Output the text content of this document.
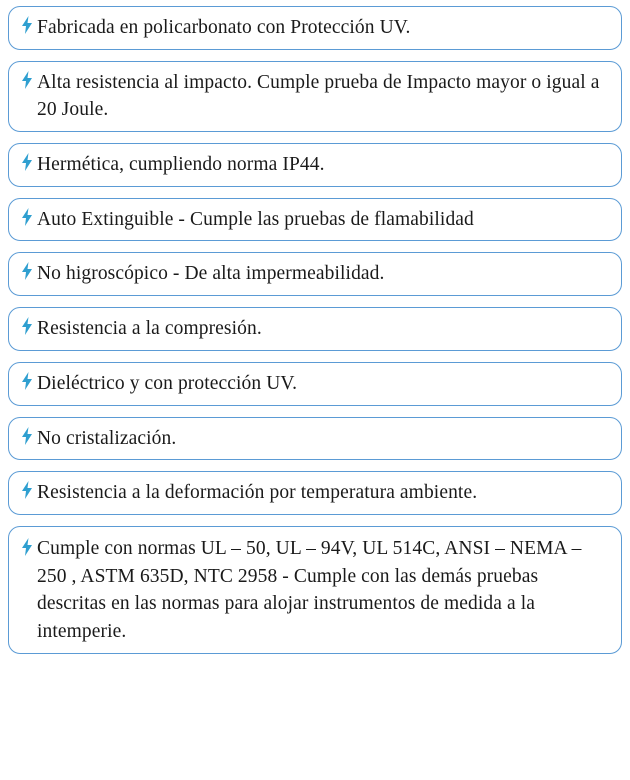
Fabricada en policarbonato con Protección UV.
Alta resistencia al impacto. Cumple prueba de Impacto mayor o igual a 20 Joule.
Hermética, cumpliendo norma IP44.
Auto Extinguible - Cumple las pruebas de flamabilidad
No higroscópico - De alta impermeabilidad.
Resistencia a la compresión.
Dieléctrico y con protección UV.
No cristalización.
Resistencia a la deformación por temperatura ambiente.
Cumple con normas UL – 50, UL – 94V, UL 514C, ANSI – NEMA – 250 , ASTM 635D, NTC 2958 - Cumple con las demás pruebas descritas en las normas para alojar instrumentos de medida a la intemperie.
